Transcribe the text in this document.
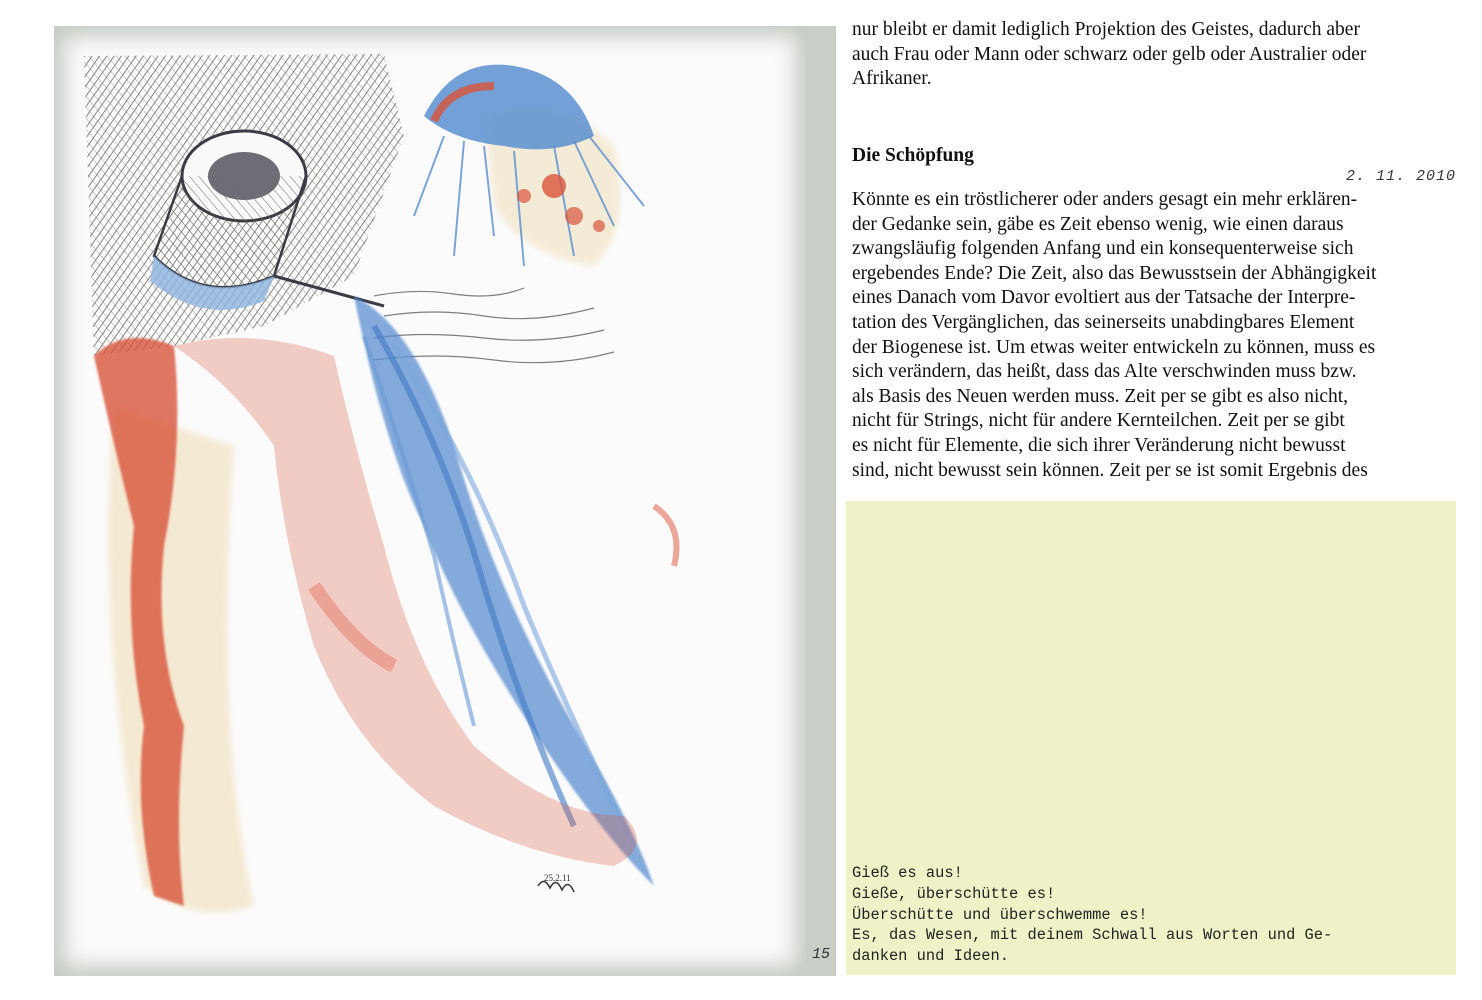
25.2.11
15

nur bleibt er damit lediglich Projektion des Geistes, dadurch aber
auch Frau oder Mann oder schwarz oder gelb oder Australier oder
Afrikaner.

Die Schöpfung
2. 11. 2010

Könnte es ein tröstlicherer oder anders gesagt ein mehr erklären-
der Gedanke sein, gäbe es Zeit ebenso wenig, wie einen daraus
zwangsläufig folgenden Anfang und ein konsequenterweise sich
ergebendes Ende? Die Zeit, also das Bewusstsein der Abhängigkeit
eines Danach vom Davor evoltiert aus der Tatsache der Interpre-
tation des Vergänglichen, das seinerseits unabdingbares Element
der Biogenese ist. Um etwas weiter entwickeln zu können, muss es
sich verändern, das heißt, dass das Alte verschwinden muss bzw.
als Basis des Neuen werden muss. Zeit per se gibt es also nicht,
nicht für Strings, nicht für andere Kernteilchen. Zeit per se gibt
es nicht für Elemente, die sich ihrer Veränderung nicht bewusst
sind, nicht bewusst sein können. Zeit per se ist somit Ergebnis des

Gieß es aus!
Gieße, überschütte es!
Überschütte und überschwemme es!
Es, das Wesen, mit deinem Schwall aus Worten und Ge-
danken und Ideen.
